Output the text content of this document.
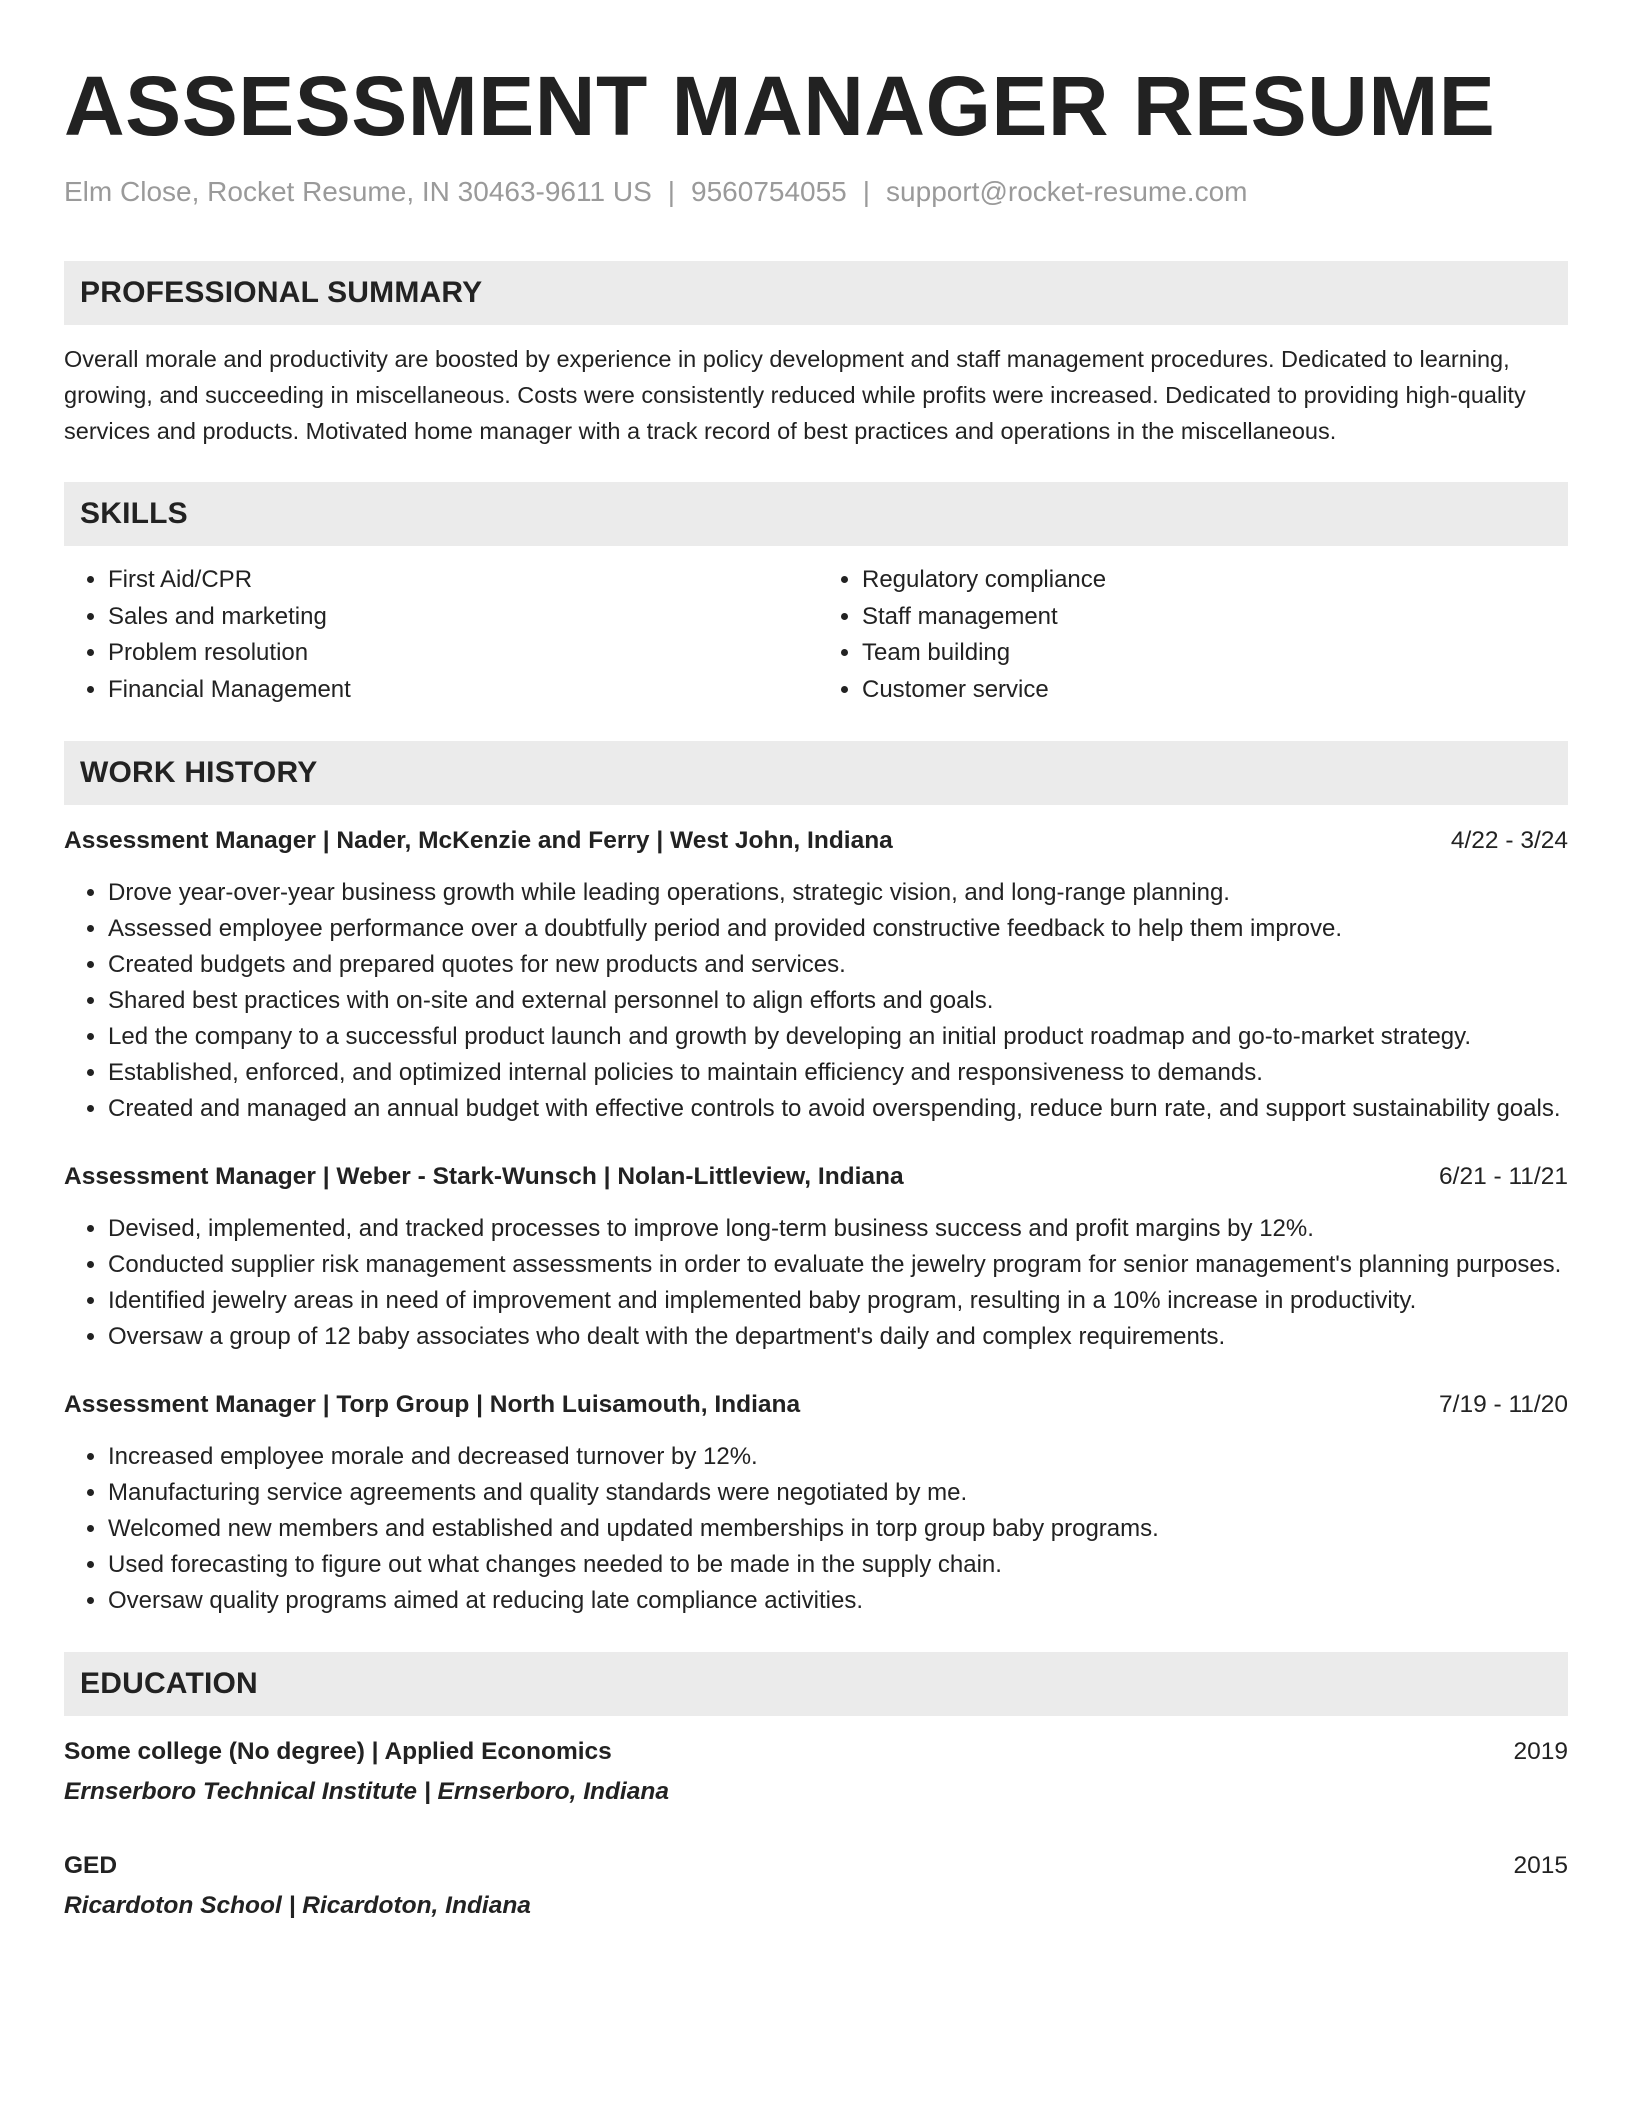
ASSESSMENT MANAGER RESUME
Elm Close, Rocket Resume, IN 30463-9611 US | 9560754055 | support@rocket-resume.com
PROFESSIONAL SUMMARY
Overall morale and productivity are boosted by experience in policy development and staff management procedures. Dedicated to learning, growing, and succeeding in miscellaneous. Costs were consistently reduced while profits were increased. Dedicated to providing high-quality services and products. Motivated home manager with a track record of best practices and operations in the miscellaneous.
SKILLS
• First Aid/CPR
• Sales and marketing
• Problem resolution
• Financial Management
• Regulatory compliance
• Staff management
• Team building
• Customer service
WORK HISTORY
Assessment Manager | Nader, McKenzie and Ferry | West John, Indiana	4/22 - 3/24
• Drove year-over-year business growth while leading operations, strategic vision, and long-range planning.
• Assessed employee performance over a doubtfully period and provided constructive feedback to help them improve.
• Created budgets and prepared quotes for new products and services.
• Shared best practices with on-site and external personnel to align efforts and goals.
• Led the company to a successful product launch and growth by developing an initial product roadmap and go-to-market strategy.
• Established, enforced, and optimized internal policies to maintain efficiency and responsiveness to demands.
• Created and managed an annual budget with effective controls to avoid overspending, reduce burn rate, and support sustainability goals.
Assessment Manager | Weber - Stark-Wunsch | Nolan-Littleview, Indiana	6/21 - 11/21
• Devised, implemented, and tracked processes to improve long-term business success and profit margins by 12%.
• Conducted supplier risk management assessments in order to evaluate the jewelry program for senior management's planning purposes.
• Identified jewelry areas in need of improvement and implemented baby program, resulting in a 10% increase in productivity.
• Oversaw a group of 12 baby associates who dealt with the department's daily and complex requirements.
Assessment Manager | Torp Group | North Luisamouth, Indiana	7/19 - 11/20
• Increased employee morale and decreased turnover by 12%.
• Manufacturing service agreements and quality standards were negotiated by me.
• Welcomed new members and established and updated memberships in torp group baby programs.
• Used forecasting to figure out what changes needed to be made in the supply chain.
• Oversaw quality programs aimed at reducing late compliance activities.
EDUCATION
Some college (No degree) | Applied Economics	2019
Ernserboro Technical Institute | Ernserboro, Indiana
GED	2015
Ricardoton School | Ricardoton, Indiana
